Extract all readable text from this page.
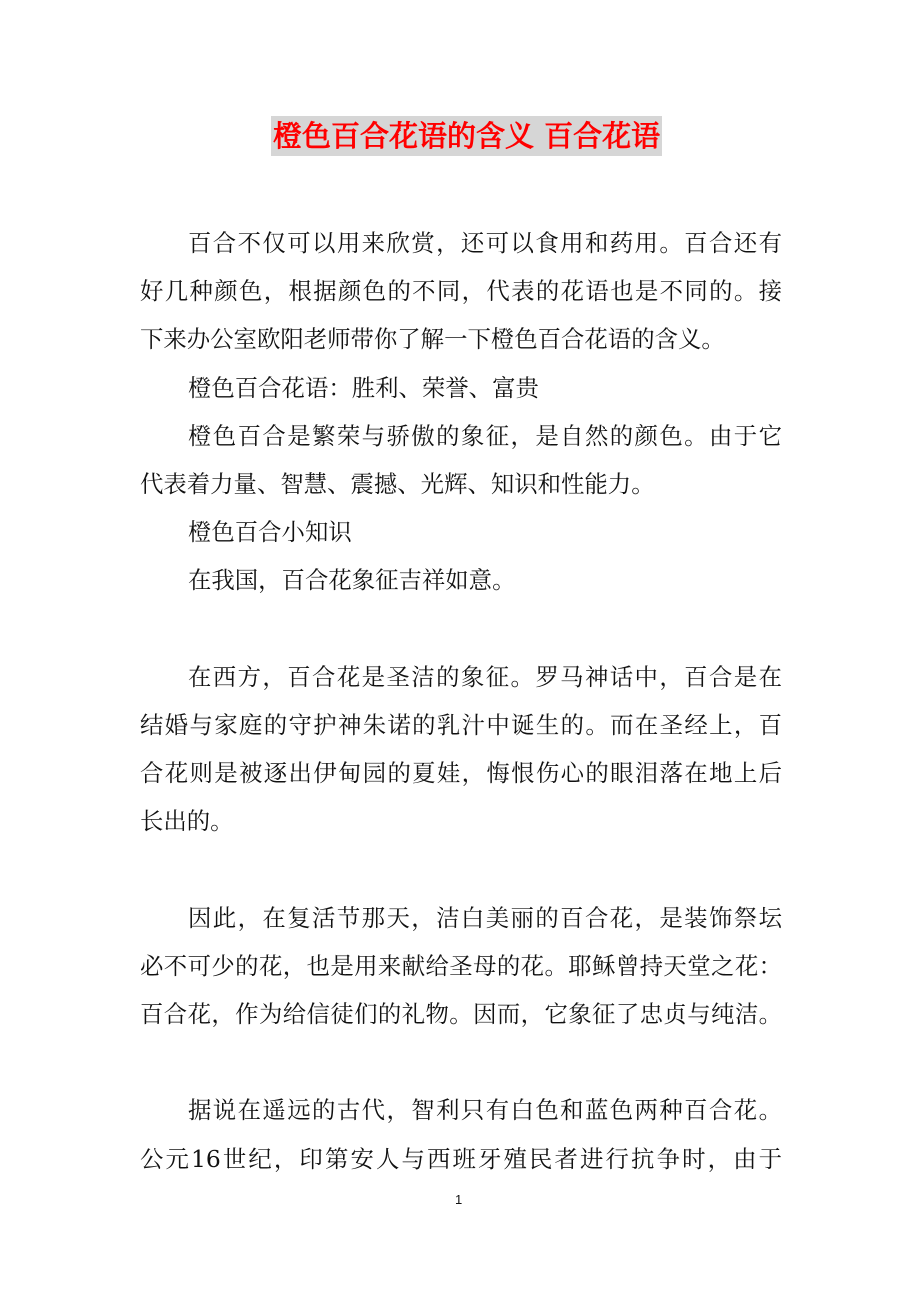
橙色百合花语的含义 百合花语
百合不仅可以用来欣赏，还可以食用和药用。百合还有
好几种颜色，根据颜色的不同，代表的花语也是不同的。接
下来办公室欧阳老师带你了解一下橙色百合花语的含义。
橙色百合花语：胜利、荣誉、富贵
橙色百合是繁荣与骄傲的象征，是自然的颜色。由于它
代表着力量、智慧、震撼、光辉、知识和性能力。
橙色百合小知识
在我国，百合花象征吉祥如意。
在西方，百合花是圣洁的象征。罗马神话中，百合是在
结婚与家庭的守护神朱诺的乳汁中诞生的。而在圣经上，百
合花则是被逐出伊甸园的夏娃，悔恨伤心的眼泪落在地上后
长出的。
因此，在复活节那天，洁白美丽的百合花，是装饰祭坛
必不可少的花，也是用来献给圣母的花。耶稣曾持天堂之花：
百合花，作为给信徒们的礼物。因而，它象征了忠贞与纯洁。
据说在遥远的古代，智利只有白色和蓝色两种百合花。
公元16世纪，印第安人与西班牙殖民者进行抗争时，由于
1
